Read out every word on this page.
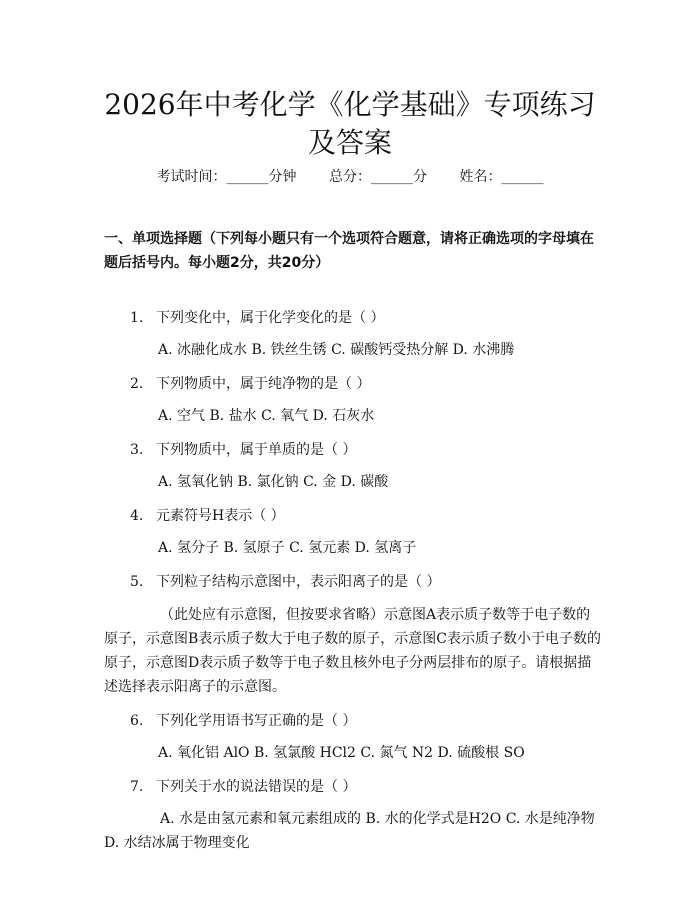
2026年中考化学《化学基础》专项练习及答案
考试时间：______分钟 总分：______分 姓名：______
一、单项选择题（下列每小题只有一个选项符合题意，请将正确选项的字母填在题后括号内。每小题2分，共20分）
1. 下列变化中，属于化学变化的是（ ）
A. 冰融化成水 B. 铁丝生锈 C. 碳酸钙受热分解 D. 水沸腾
2. 下列物质中，属于纯净物的是（ ）
A. 空气 B. 盐水 C. 氧气 D. 石灰水
3. 下列物质中，属于单质的是（ ）
A. 氢氧化钠 B. 氯化钠 C. 金 D. 碳酸
4. 元素符号H表示（ ）
A. 氢分子 B. 氢原子 C. 氢元素 D. 氢离子
5. 下列粒子结构示意图中，表示阳离子的是（ ）
（此处应有示意图，但按要求省略）示意图A表示质子数等于电子数的原子，示意图B表示质子数大于电子数的原子，示意图C表示质子数小于电子数的原子，示意图D表示质子数等于电子数且核外电子分两层排布的原子。请根据描述选择表示阳离子的示意图。
6. 下列化学用语书写正确的是（ ）
A. 氧化铝 AlO B. 氢氯酸 HCl2 C. 氮气 N2 D. 硫酸根 SO
7. 下列关于水的说法错误的是（ ）
A. 水是由氢元素和氧元素组成的 B. 水的化学式是H2O C. 水是纯净物 D. 水结冰属于物理变化
